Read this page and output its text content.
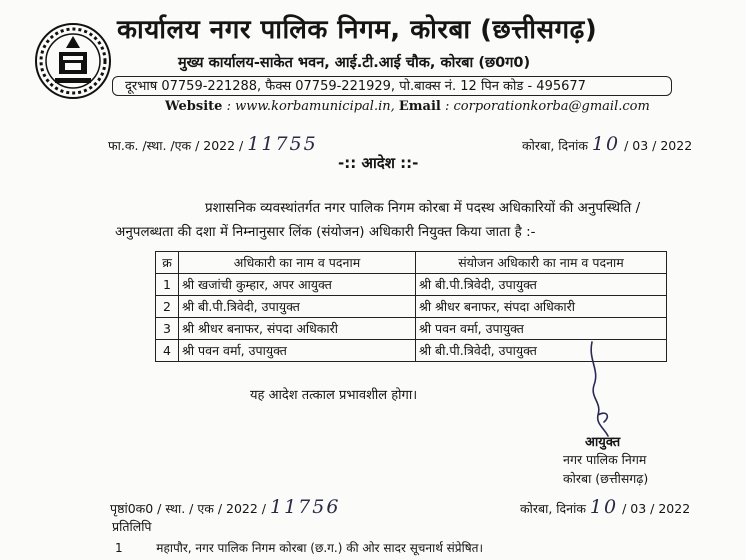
कार्यालय नगर पालिक निगम, कोरबा (छत्तीसगढ़)
मुख्य कार्यालय-साकेत भवन, आई.टी.आई चौक, कोरबा (छ0ग0)
दूरभाष 07759-221288, फैक्स 07759-221929, पो.बाक्स नं. 12 पिन कोड - 495677
Website : www.korbamunicipal.in, Email : corporationkorba@gmail.com
फा.क. /स्था. /एक / 2022 / 11755	कोरबा, दिनांक 10 / 03 / 2022
-:: आदेश ::-
प्रशासनिक व्यवस्थांतर्गत नगर पालिक निगम कोरबा में पदस्थ अधिकारियों की अनुपस्थिति /
अनुपलब्धता की दशा में निम्नानुसार लिंक (संयोजन) अधिकारी नियुक्त किया जाता है :-
क्र	अधिकारी का नाम व पदनाम	संयोजन अधिकारी का नाम व पदनाम
1	श्री खजांची कुम्हार, अपर आयुक्त	श्री बी.पी.त्रिवेदी, उपायुक्त
2	श्री बी.पी.त्रिवेदी, उपायुक्त	श्री श्रीधर बनाफर, संपदा अधिकारी
3	श्री श्रीधर बनाफर, संपदा अधिकारी	श्री पवन वर्मा, उपायुक्त
4	श्री पवन वर्मा, उपायुक्त	श्री बी.पी.त्रिवेदी, उपायुक्त
यह आदेश तत्काल प्रभावशील होगा।
आयुक्त
नगर पालिक निगम
कोरबा (छत्तीसगढ़)
पृष्ठां0क0 / स्था. / एक / 2022 / 11756	कोरबा, दिनांक 10 / 03 / 2022
प्रतिलिपि
1	महापौर, नगर पालिक निगम कोरबा (छ.ग.) की ओर सादर सूचनार्थ संप्रेषित।
